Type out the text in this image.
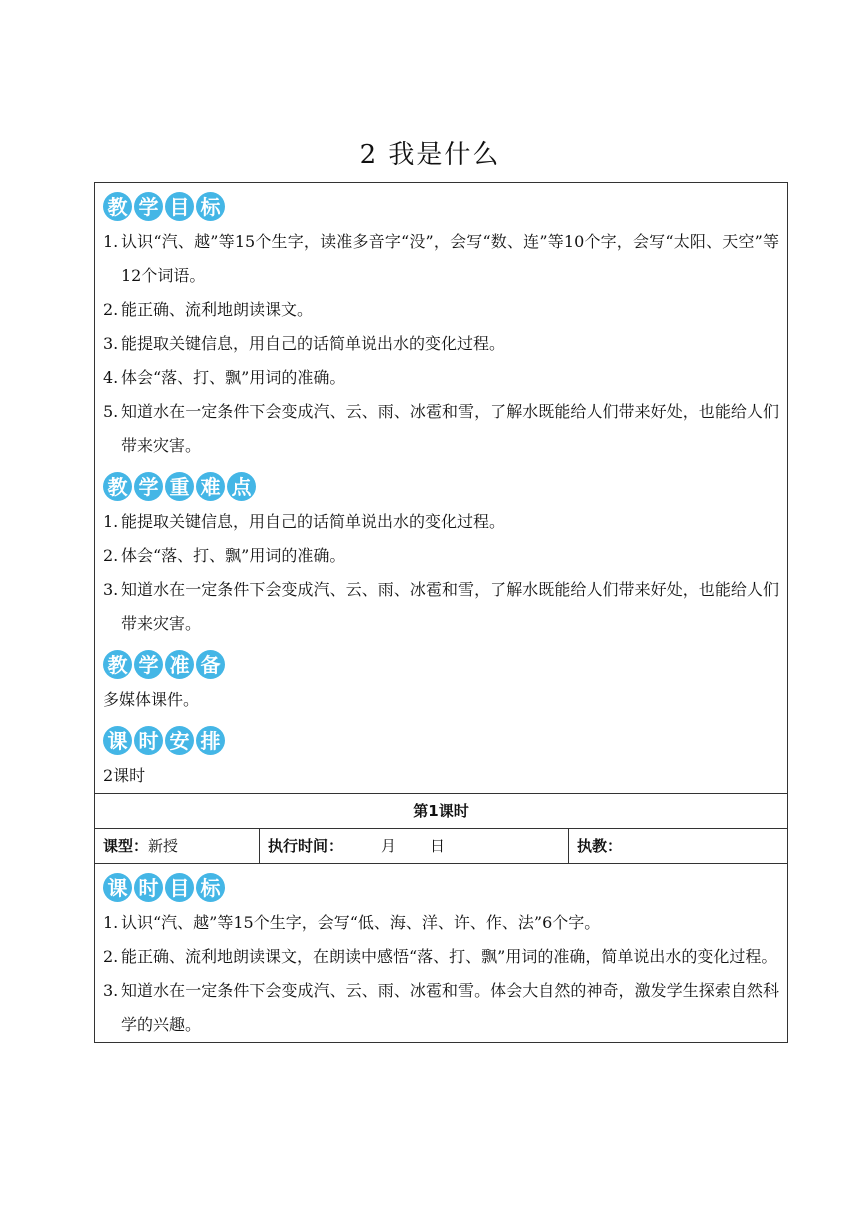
2 我是什么
教 学 目 标
1. 认识“汽、越”等15个生字，读准多音字“没”，会写“数、连”等10个字，会写“太阳、天空”等12个词语。
2. 能正确、流利地朗读课文。
3. 能提取关键信息，用自己的话简单说出水的变化过程。
4. 体会“落、打、飘”用词的准确。
5. 知道水在一定条件下会变成汽、云、雨、冰雹和雪，了解水既能给人们带来好处，也能给人们带来灾害。
教 学 重 难 点
1. 能提取关键信息，用自己的话简单说出水的变化过程。
2. 体会“落、打、飘”用词的准确。
3. 知道水在一定条件下会变成汽、云、雨、冰雹和雪，了解水既能给人们带来好处，也能给人们带来灾害。
教 学 准 备
多媒体课件。
课 时 安 排
2课时
第1课时
课型：新授	执行时间：	月 日	执教：
课 时 目 标
1. 认识“汽、越”等15个生字，会写“低、海、洋、许、作、法”6个字。
2. 能正确、流利地朗读课文，在朗读中感悟“落、打、飘”用词的准确，简单说出水的变化过程。
3. 知道水在一定条件下会变成汽、云、雨、冰雹和雪。体会大自然的神奇，激发学生探索自然科学的兴趣。
